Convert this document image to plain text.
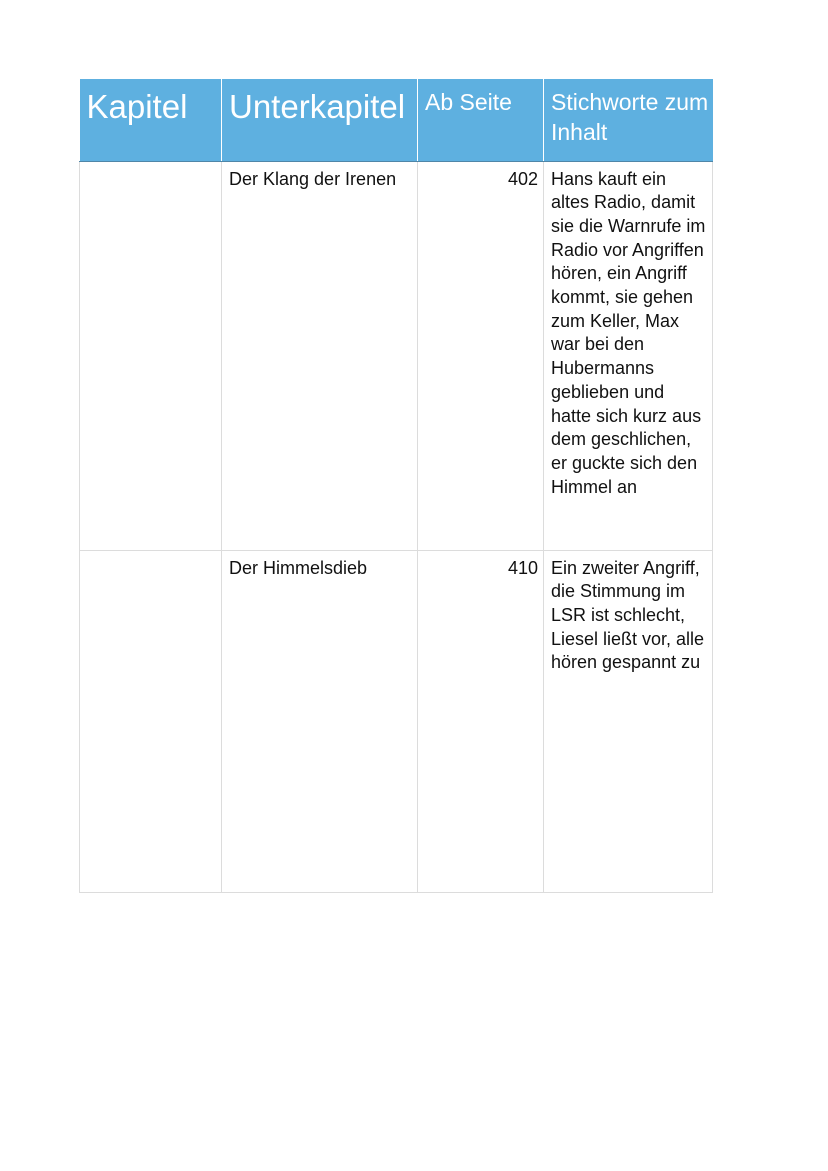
Kapitel	Unterkapitel	Ab Seite	Stichworte zum Inhalt
	Der Klang der Irenen	402	Hans kauft ein altes Radio, damit sie die Warnrufe im Radio vor Angriffen hören, ein Angriff kommt, sie gehen zum Keller, Max war bei den Hubermanns geblieben und hatte sich kurz aus dem geschlichen, er guckte sich den Himmel an
	Der Himmelsdieb	410	Ein zweiter Angriff, die Stimmung im LSR ist schlecht, Liesel ließt vor, alle hören gespannt zu
